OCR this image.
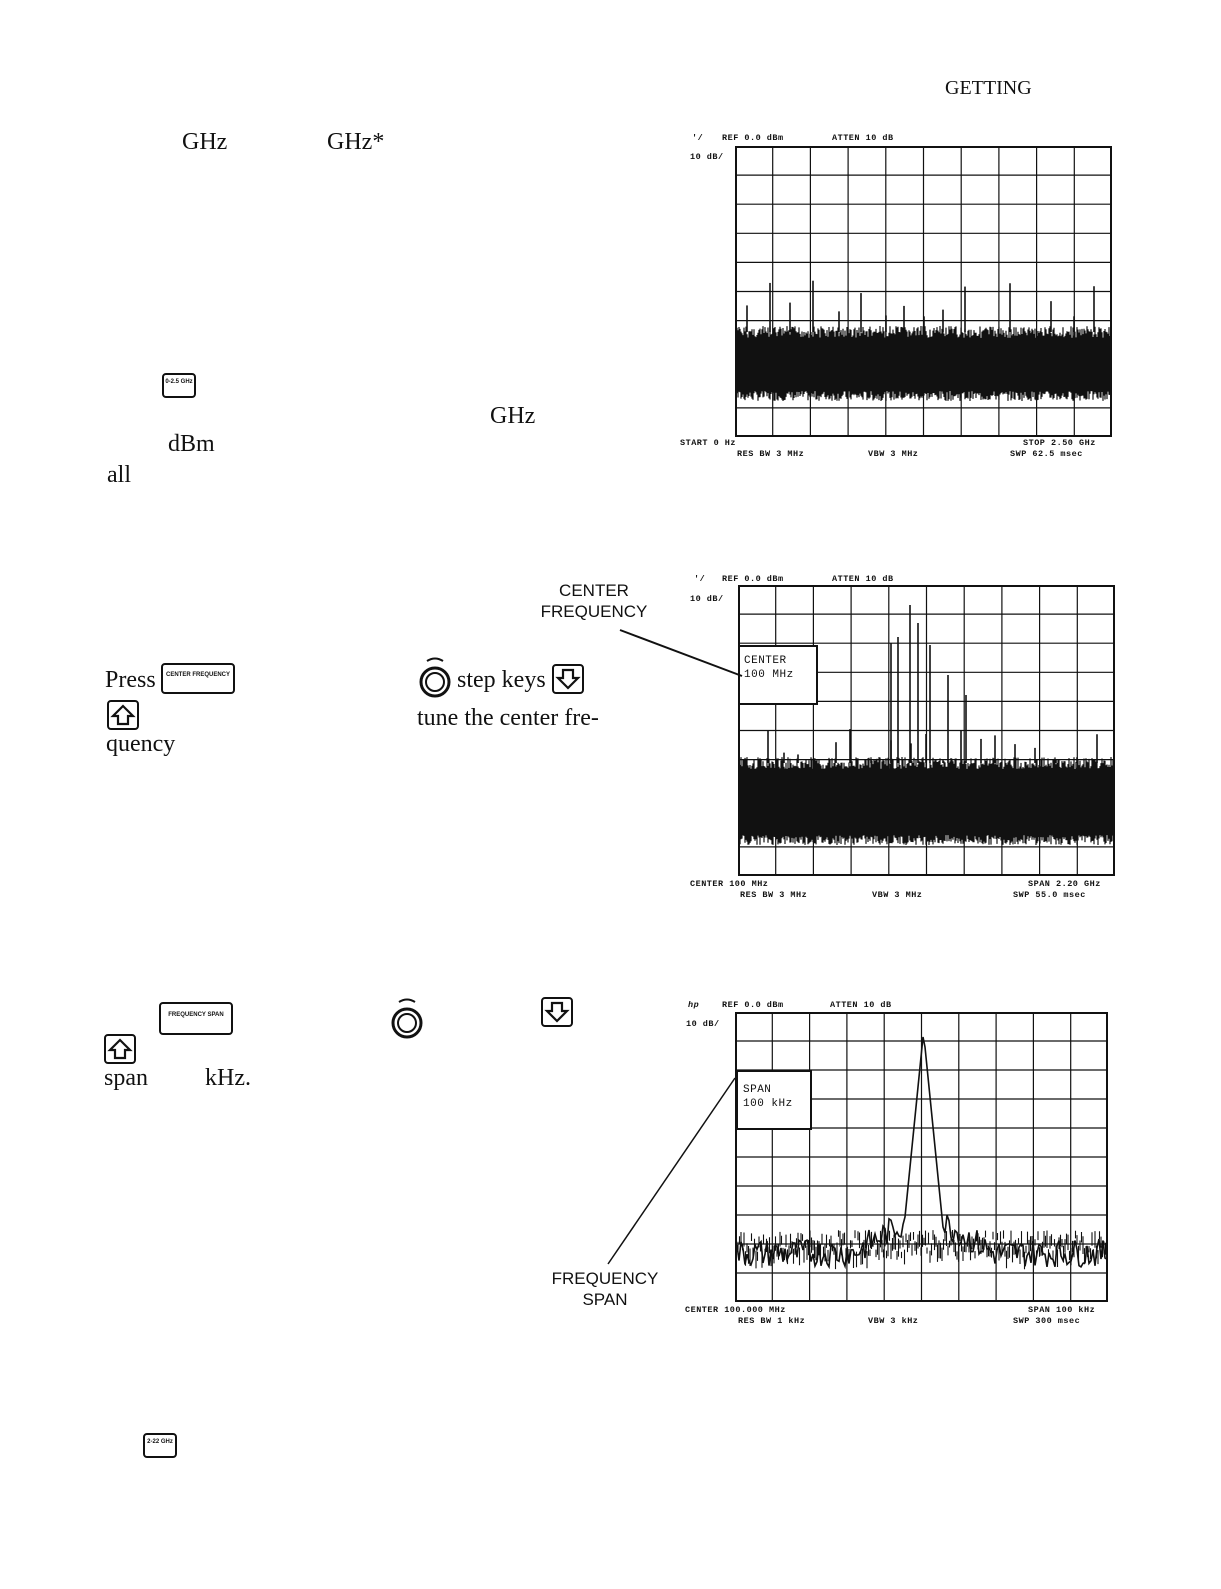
GETTING
GHz	GHz*
0-2.5 GHz
GHz
dBm
all
CENTER
FREQUENCY
Press	CENTER FREQUENCY	step keys
tune the center fre-
quency
FREQUENCY SPAN
span kHz.
FREQUENCY
SPAN
2-22 GHz
'/ REF 0.0 dBm	ATTEN 10 dB
10 dB/
START 0 Hz	STOP 2.50 GHz
RES BW 3 MHz	VBW 3 MHz	SWP 62.5 msec
'/ REF 0.0 dBm	ATTEN 10 dB
10 dB/
CENTER
100 MHz
CENTER 100 MHz	SPAN 2.20 GHz
RES BW 3 MHz	VBW 3 MHz	SWP 55.0 msec
hp	REF 0.0 dBm	ATTEN 10 dB
10 dB/
SPAN
100 kHz
CENTER 100.000 MHz	SPAN 100 kHz
RES BW 1 kHz	VBW 3 kHz	SWP 300 msec
